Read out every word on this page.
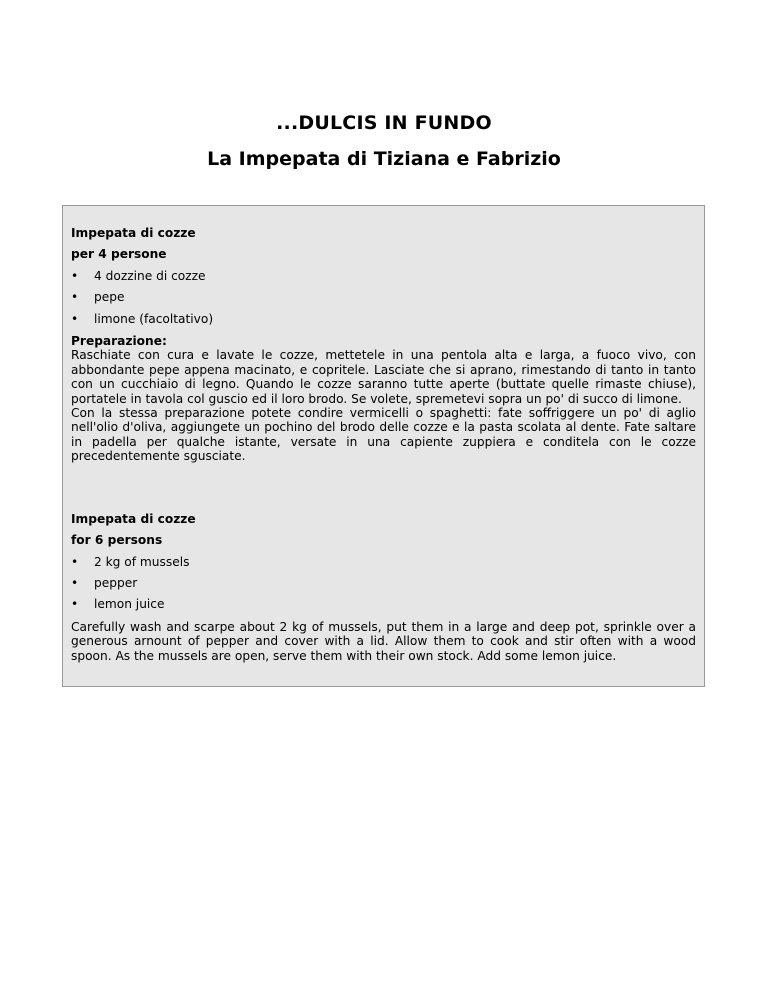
...DULCIS IN FUNDO
La Impepata di Tiziana e Fabrizio

Impepata di cozze

per 4 persone

• 4 dozzine di cozze
• pepe
• limone (facoltativo)

Preparazione:

Raschiate con cura e lavate le cozze, mettetele in una pentola alta e larga, a fuoco vivo, con abbondante pepe appena macinato, e copritele. Lasciate che si aprano, rimestando di tanto in tanto con un cucchiaio di legno. Quando le cozze saranno tutte aperte (buttate quelle rimaste chiuse), portatele in tavola col guscio ed il loro brodo. Se volete, spremetevi sopra un po' di succo di limone.

Con la stessa preparazione potete condire vermicelli o spaghetti: fate soffriggere un po' di aglio nell'olio d'oliva, aggiungete un pochino del brodo delle cozze e la pasta scolata al dente. Fate saltare in padella per qualche istante, versate in una capiente zuppiera e conditela con le cozze precedentemente sgusciate.

Impepata di cozze

for 6 persons

• 2 kg of mussels
• pepper
• lemon juice

Carefully wash and scarpe about 2 kg of mussels, put them in a large and deep pot, sprinkle over a generous arnount of pepper and cover with a lid. Allow them to cook and stir often with a wood spoon. As the mussels are open, serve them with their own stock. Add some lemon juice.
